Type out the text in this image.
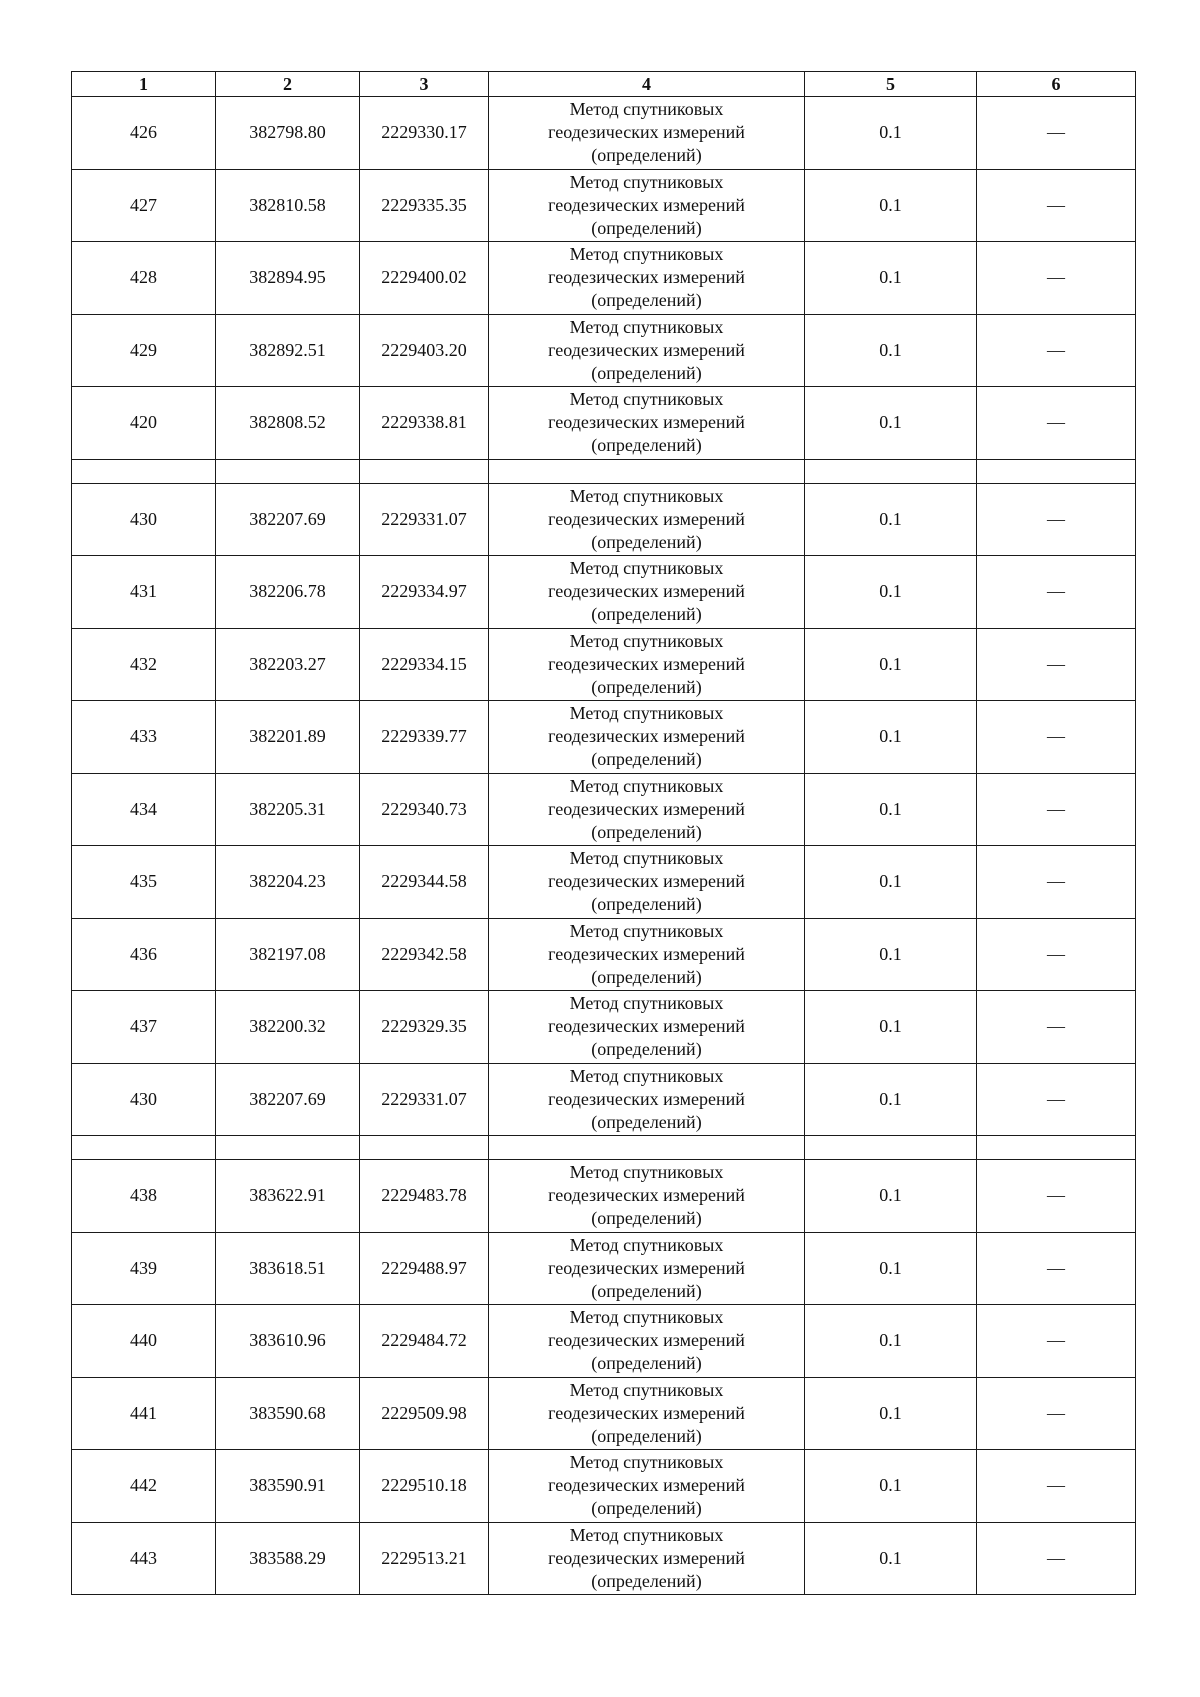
1	2	3	4	5	6
426	382798.80	2229330.17	Метод спутниковых
геодезических измерений
(определений)	0.1	—
427	382810.58	2229335.35	Метод спутниковых
геодезических измерений
(определений)	0.1	—
428	382894.95	2229400.02	Метод спутниковых
геодезических измерений
(определений)	0.1	—
429	382892.51	2229403.20	Метод спутниковых
геодезических измерений
(определений)	0.1	—
420	382808.52	2229338.81	Метод спутниковых
геодезических измерений
(определений)	0.1	—

430	382207.69	2229331.07	Метод спутниковых
геодезических измерений
(определений)	0.1	—
431	382206.78	2229334.97	Метод спутниковых
геодезических измерений
(определений)	0.1	—
432	382203.27	2229334.15	Метод спутниковых
геодезических измерений
(определений)	0.1	—
433	382201.89	2229339.77	Метод спутниковых
геодезических измерений
(определений)	0.1	—
434	382205.31	2229340.73	Метод спутниковых
геодезических измерений
(определений)	0.1	—
435	382204.23	2229344.58	Метод спутниковых
геодезических измерений
(определений)	0.1	—
436	382197.08	2229342.58	Метод спутниковых
геодезических измерений
(определений)	0.1	—
437	382200.32	2229329.35	Метод спутниковых
геодезических измерений
(определений)	0.1	—
430	382207.69	2229331.07	Метод спутниковых
геодезических измерений
(определений)	0.1	—

438	383622.91	2229483.78	Метод спутниковых
геодезических измерений
(определений)	0.1	—
439	383618.51	2229488.97	Метод спутниковых
геодезических измерений
(определений)	0.1	—
440	383610.96	2229484.72	Метод спутниковых
геодезических измерений
(определений)	0.1	—
441	383590.68	2229509.98	Метод спутниковых
геодезических измерений
(определений)	0.1	—
442	383590.91	2229510.18	Метод спутниковых
геодезических измерений
(определений)	0.1	—
443	383588.29	2229513.21	Метод спутниковых
геодезических измерений
(определений)	0.1	—
